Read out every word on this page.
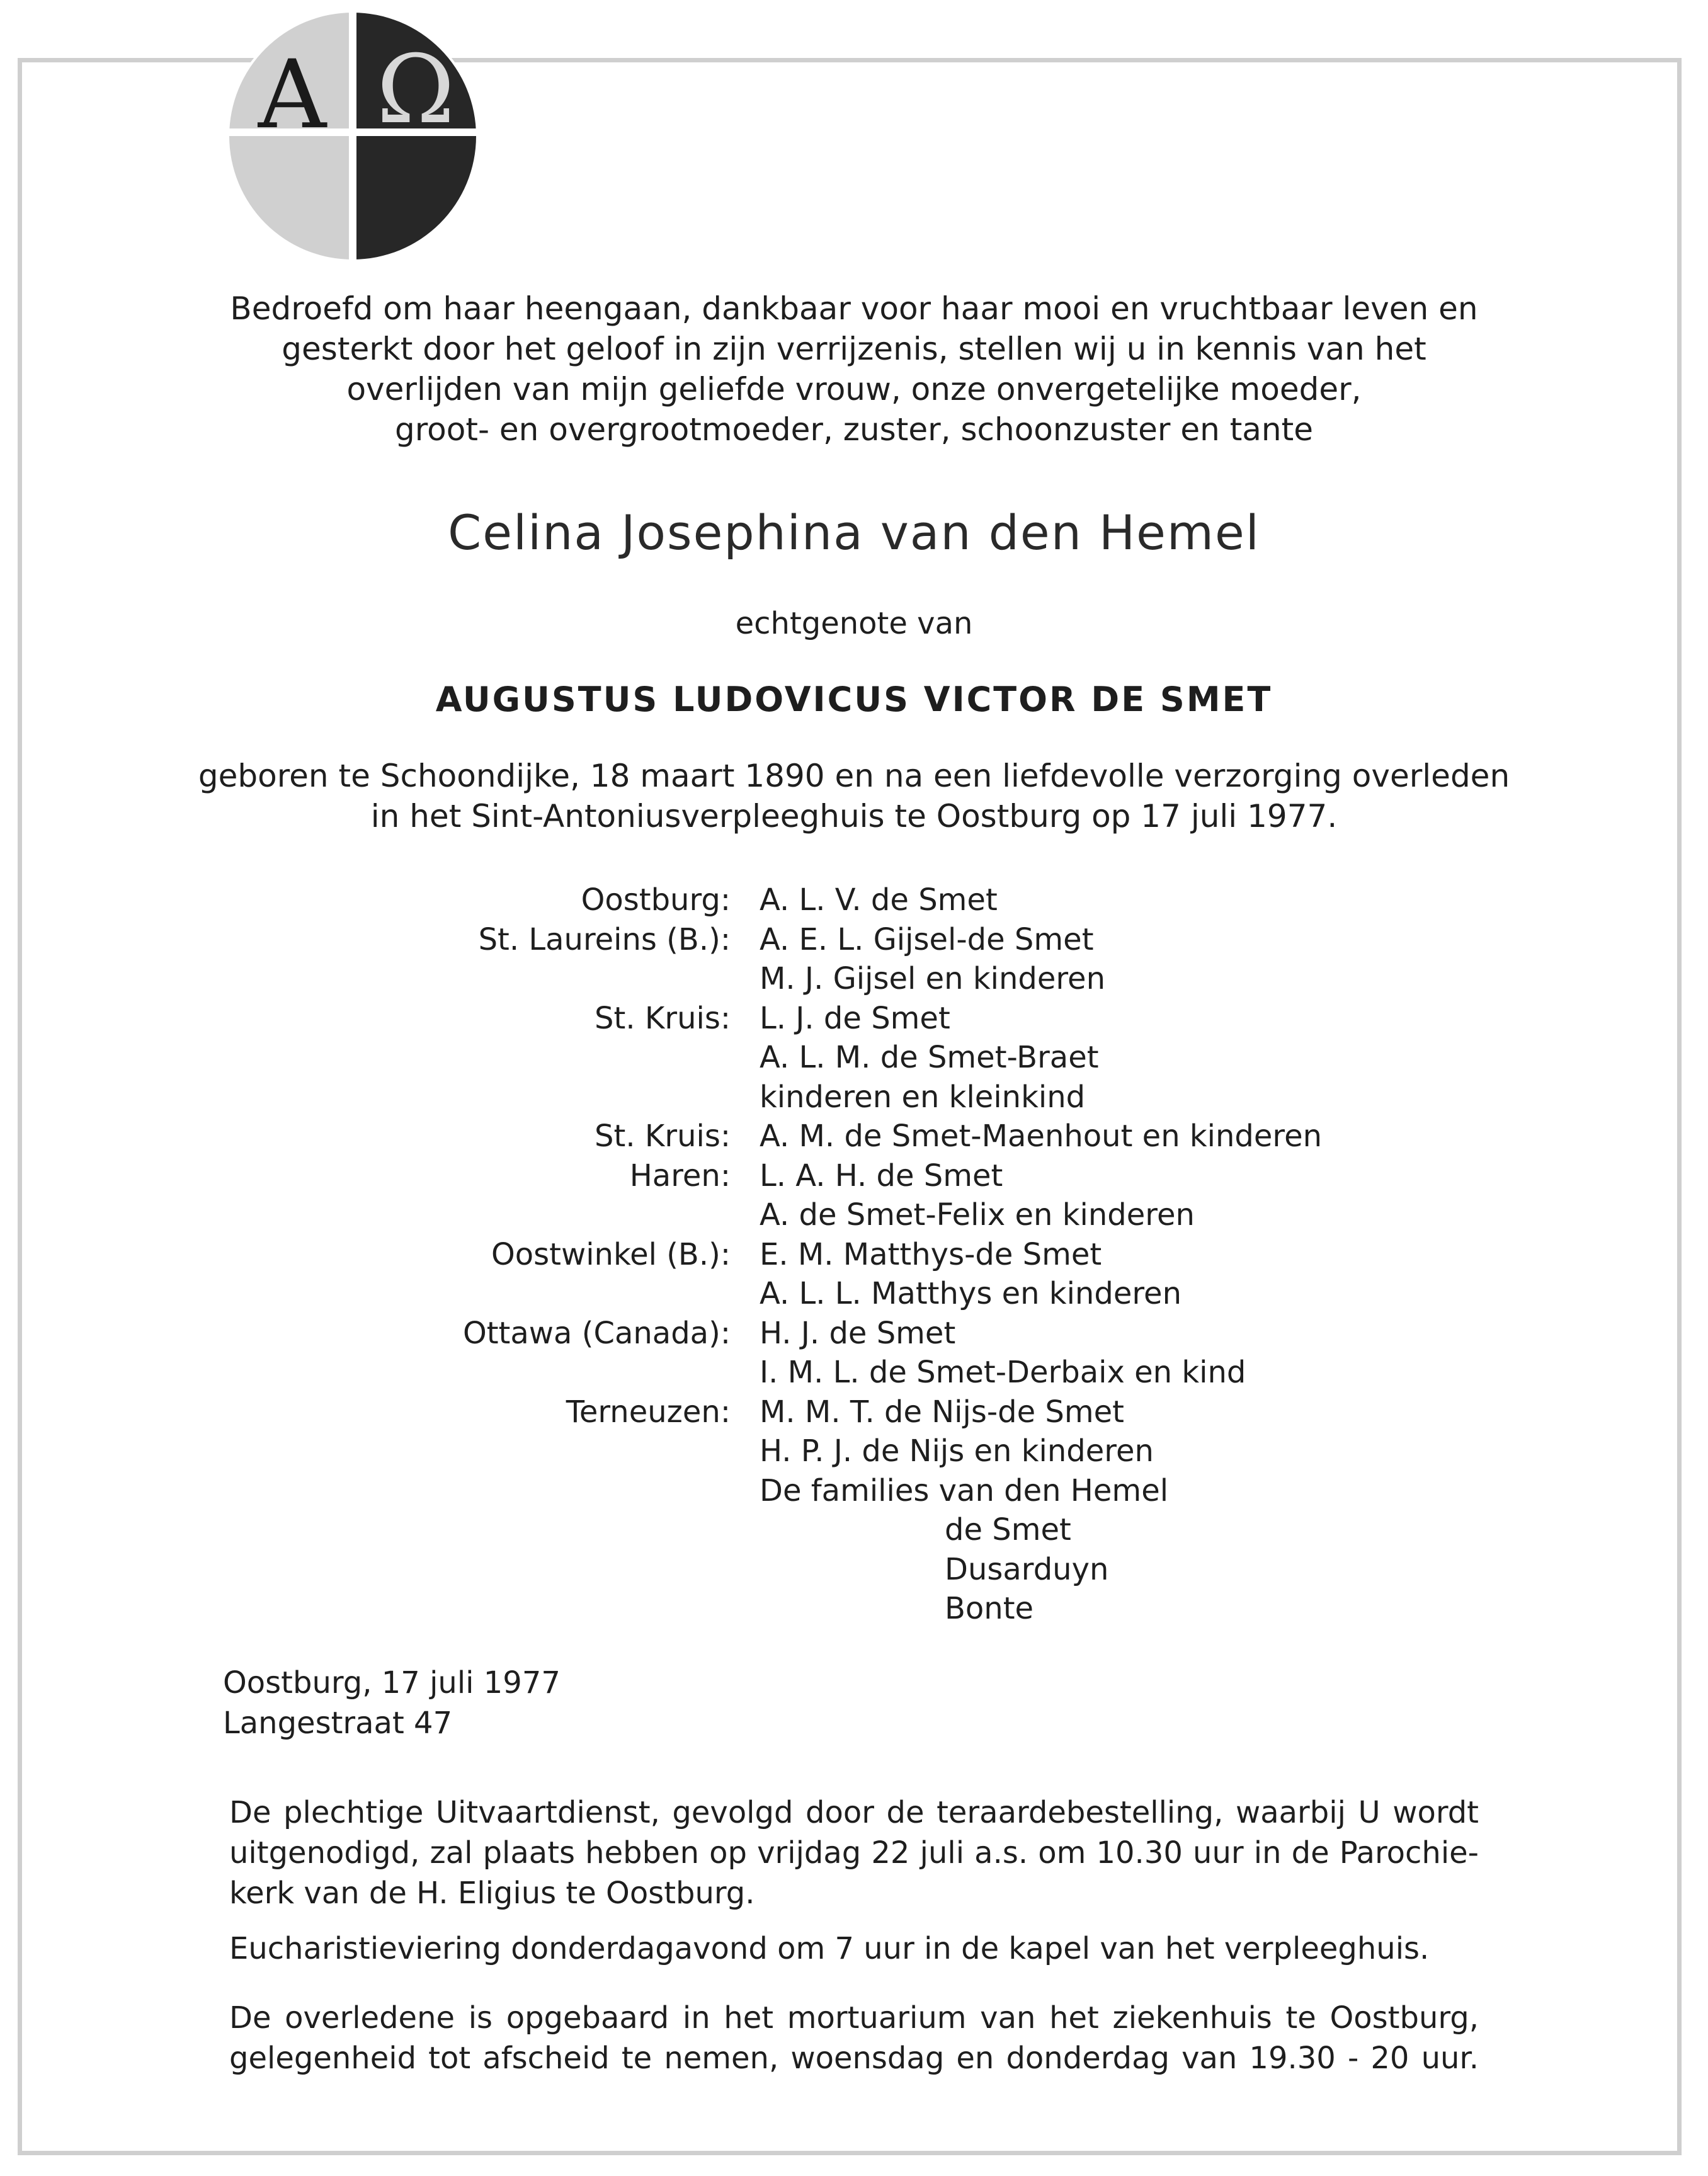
A Ω
Bedroefd om haar heengaan, dankbaar voor haar mooi en vruchtbaar leven en
gesterkt door het geloof in zijn verrijzenis, stellen wij u in kennis van het
overlijden van mijn geliefde vrouw, onze onvergetelijke moeder,
groot- en overgrootmoeder, zuster, schoonzuster en tante
Celina Josephina van den Hemel
echtgenote van
AUGUSTUS LUDOVICUS VICTOR DE SMET
geboren te Schoondijke, 18 maart 1890 en na een liefdevolle verzorging overleden
in het Sint-Antoniusverpleeghuis te Oostburg op 17 juli 1977.
Oostburg: A. L. V. de Smet
St. Laureins (B.): A. E. L. Gijsel-de Smet
M. J. Gijsel en kinderen
St. Kruis: L. J. de Smet
A. L. M. de Smet-Braet
kinderen en kleinkind
St. Kruis: A. M. de Smet-Maenhout en kinderen
Haren: L. A. H. de Smet
A. de Smet-Felix en kinderen
Oostwinkel (B.): E. M. Matthys-de Smet
A. L. L. Matthys en kinderen
Ottawa (Canada): H. J. de Smet
I. M. L. de Smet-Derbaix en kind
Terneuzen: M. M. T. de Nijs-de Smet
H. P. J. de Nijs en kinderen
De families van den Hemel
de Smet
Dusarduyn
Bonte
Oostburg, 17 juli 1977
Langestraat 47
De plechtige Uitvaartdienst, gevolgd door de teraardebestelling, waarbij U wordt
uitgenodigd, zal plaats hebben op vrijdag 22 juli a.s. om 10.30 uur in de Parochie-
kerk van de H. Eligius te Oostburg.
Eucharistieviering donderdagavond om 7 uur in de kapel van het verpleeghuis.
De overledene is opgebaard in het mortuarium van het ziekenhuis te Oostburg,
gelegenheid tot afscheid te nemen, woensdag en donderdag van 19.30 - 20 uur.
